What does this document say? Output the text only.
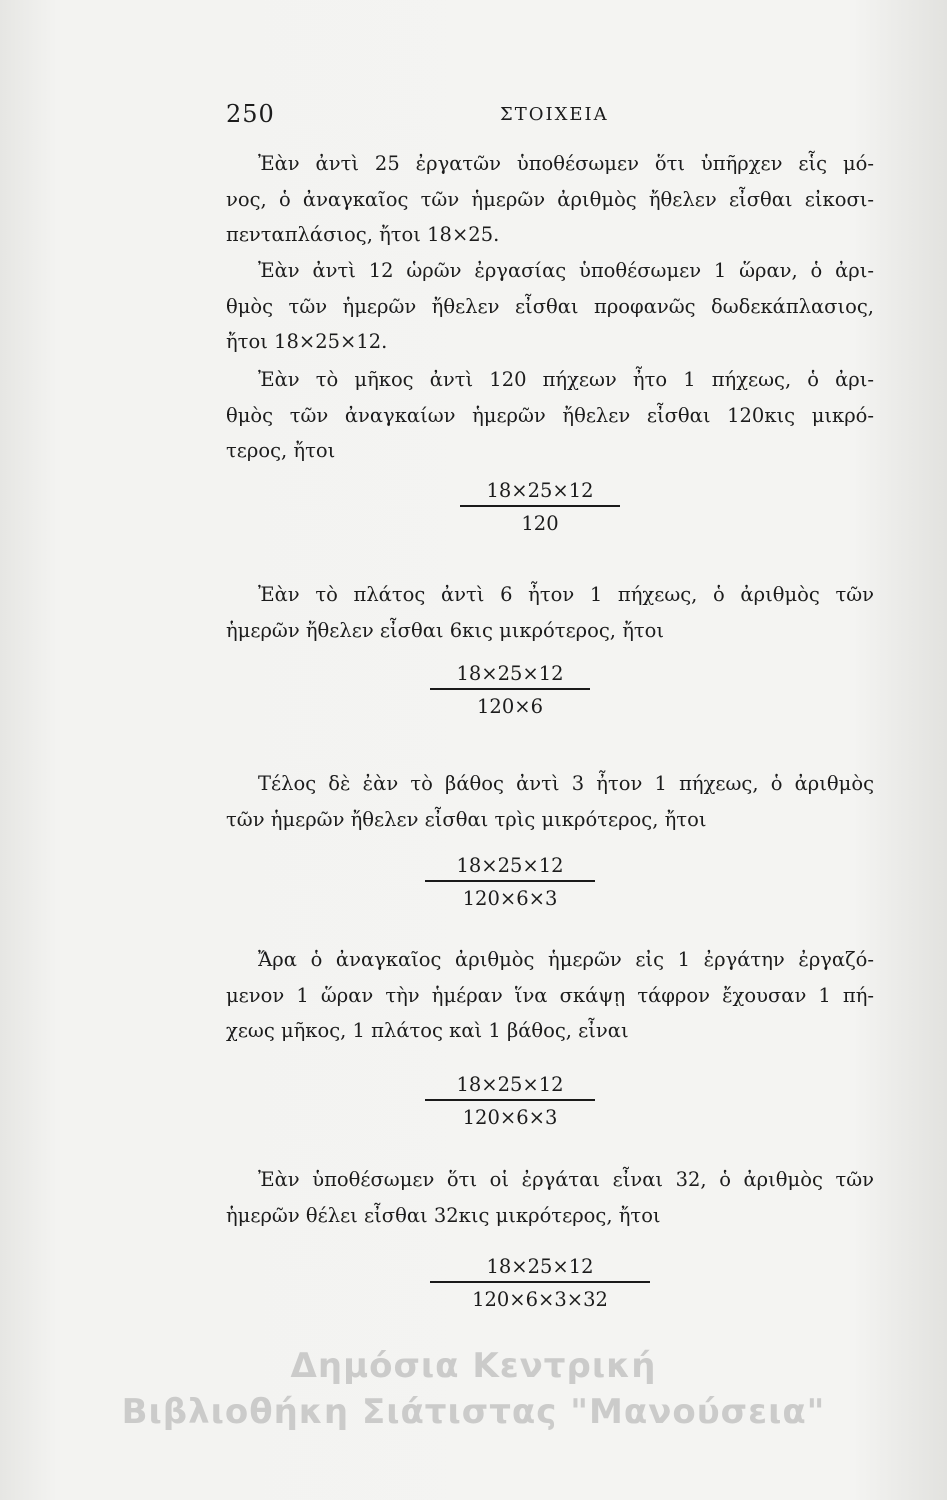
250	ΣΤΟΙΧΕΙΑ
Ἐὰν ἀντὶ 25 ἐργατῶν ὑποθέσωμεν ὅτι ὑπῆρχεν εἷς μό-
νος, ὁ ἀναγκαῖος τῶν ἡμερῶν ἀριθμὸς ἤθελεν εἶσθαι εἰκοσι-
πενταπλάσιος, ἤτοι 18×25.
Ἐὰν ἀντὶ 12 ὡρῶν ἐργασίας ὑποθέσωμεν 1 ὥραν, ὁ ἀρι-
θμὸς τῶν ἡμερῶν ἤθελεν εἶσθαι προφανῶς δωδεκάπλασιος,
ἤτοι 18×25×12.
Ἐὰν τὸ μῆκος ἀντὶ 120 πήχεων ἦτο 1 πήχεως, ὁ ἀρι-
θμὸς τῶν ἀναγκαίων ἡμερῶν ἤθελεν εἶσθαι 120κις μικρό-
τερος, ἤτοι
18×25×12
120
Ἐὰν τὸ πλάτος ἀντὶ 6 ἦτον 1 πήχεως, ὁ ἀριθμὸς τῶν
ἡμερῶν ἤθελεν εἶσθαι 6κις μικρότερος, ἤτοι
18×25×12
120×6
Τέλος δὲ ἐὰν τὸ βάθος ἀντὶ 3 ἦτον 1 πήχεως, ὁ ἀριθμὸς
τῶν ἡμερῶν ἤθελεν εἶσθαι τρὶς μικρότερος, ἤτοι
18×25×12
120×6×3
Ἄρα ὁ ἀναγκαῖος ἀριθμὸς ἡμερῶν εἰς 1 ἐργάτην ἐργαζό-
μενον 1 ὥραν τὴν ἡμέραν ἵνα σκάψῃ τάφρον ἔχουσαν 1 πή-
χεως μῆκος, 1 πλάτος καὶ 1 βάθος, εἶναι
18×25×12
120×6×3
Ἐὰν ὑποθέσωμεν ὅτι οἱ ἐργάται εἶναι 32, ὁ ἀριθμὸς τῶν
ἡμερῶν θέλει εἶσθαι 32κις μικρότερος, ἤτοι
18×25×12
120×6×3×32
Δημόσια Κεντρική
Βιβλιοθήκη Σιάτιστας "Μανούσεια"
